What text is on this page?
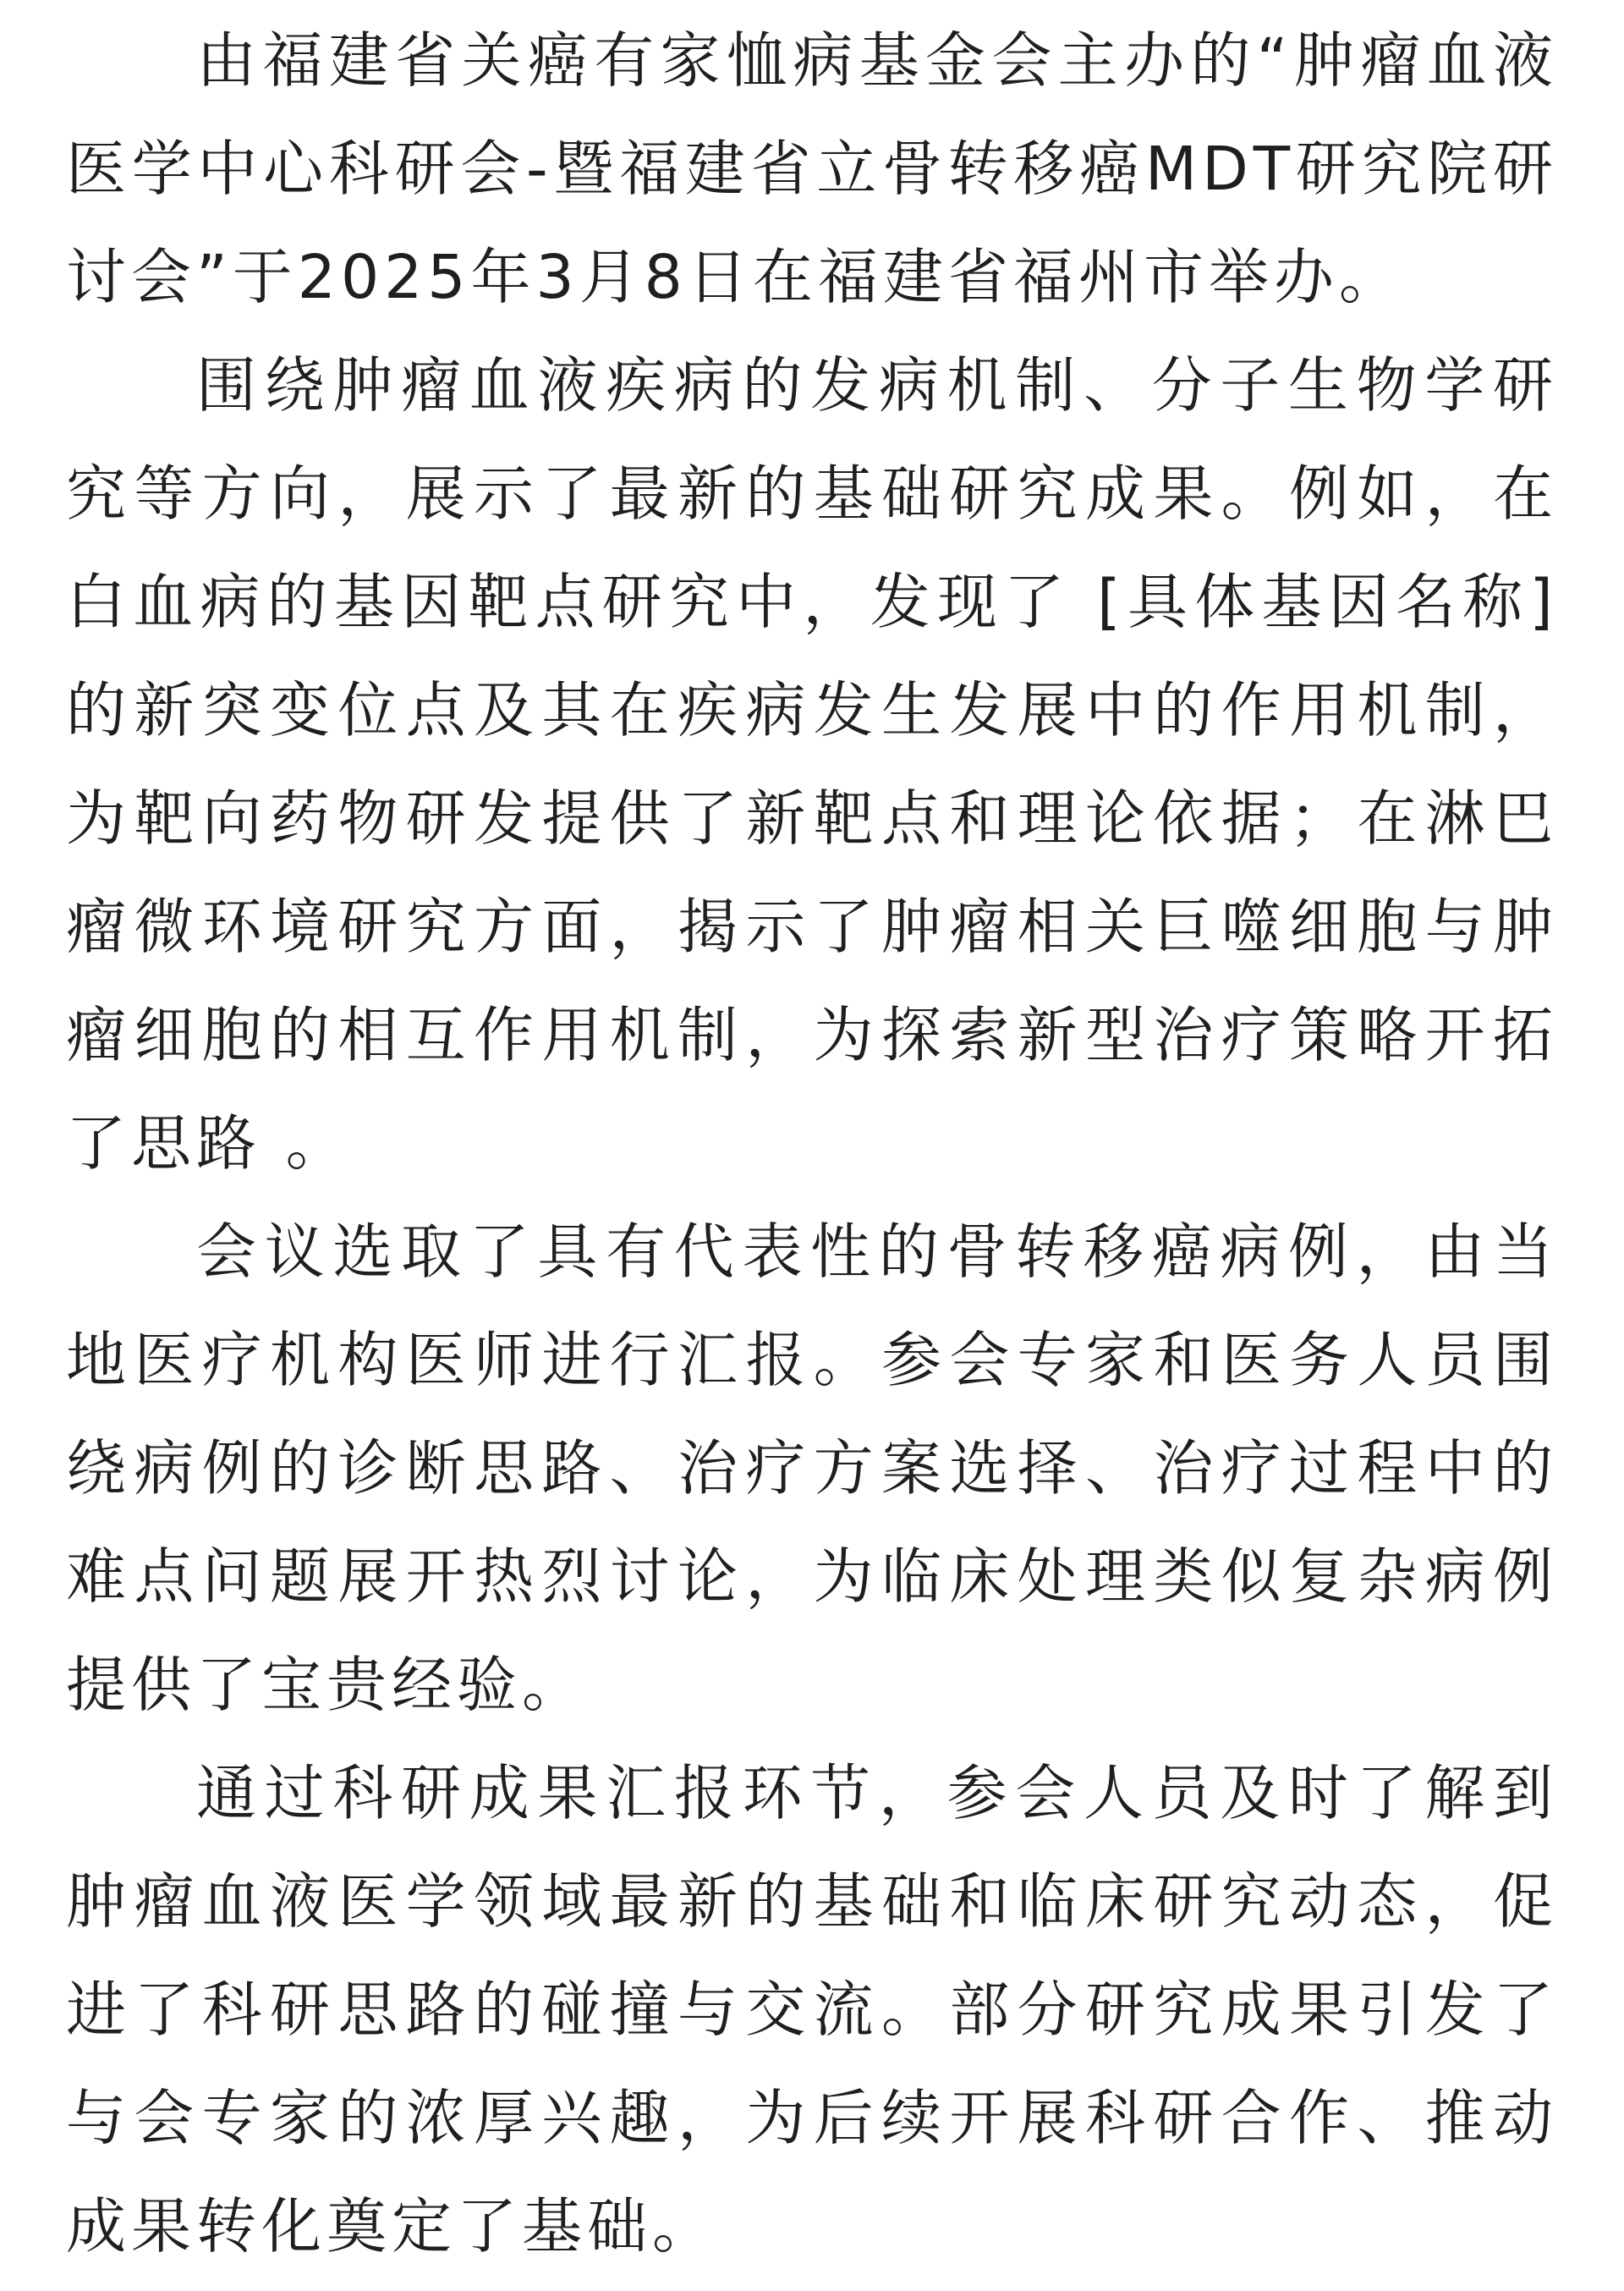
由福建省关癌有家恤病基金会主办的“肿瘤血液医学中心科研会-暨福建省立骨转移癌MDT研究院研讨会”于2025年3月8日在福建省福州市举办。

围绕肿瘤血液疾病的发病机制、分子生物学研究等方向，展示了最新的基础研究成果。例如，在白血病的基因靶点研究中，发现了 [具体基因名称] 的新突变位点及其在疾病发生发展中的作用机制，为靶向药物研发提供了新靶点和理论依据；在淋巴瘤微环境研究方面，揭示了肿瘤相关巨噬细胞与肿瘤细胞的相互作用机制，为探索新型治疗策略开拓了思路 。

会议选取了具有代表性的骨转移癌病例，由当地医疗机构医师进行汇报。参会专家和医务人员围绕病例的诊断思路、治疗方案选择、治疗过程中的难点问题展开热烈讨论，为临床处理类似复杂病例提供了宝贵经验。

通过科研成果汇报环节，参会人员及时了解到肿瘤血液医学领域最新的基础和临床研究动态，促进了科研思路的碰撞与交流。部分研究成果引发了与会专家的浓厚兴趣，为后续开展科研合作、推动成果转化奠定了基础。
